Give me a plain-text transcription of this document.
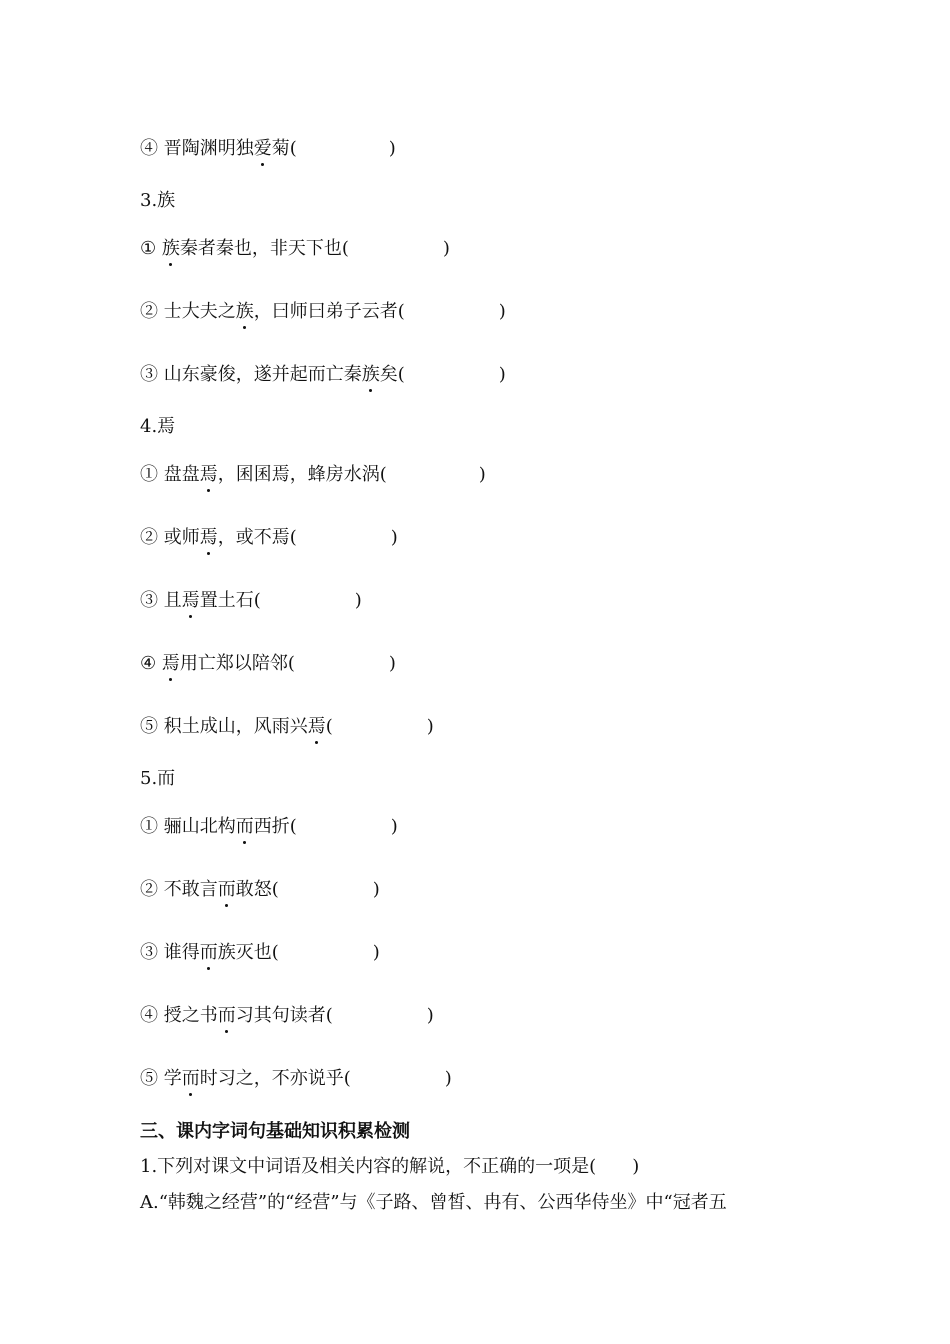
④ 晋陶渊明独爱菊(	)
3.族
① 族秦者秦也，非天下也(	)
② 士大夫之族，曰师曰弟子云者(	)
③ 山东豪俊，遂并起而亡秦族矣(	)
4.焉
① 盘盘焉，囷囷焉，蜂房水涡(	)
② 或师焉，或不焉(	)
③ 且焉置土石(	)
④ 焉用亡郑以陪邻(	)
⑤ 积土成山，风雨兴焉(	)
5.而
① 骊山北构而西折(	)
② 不敢言而敢怒(	)
③ 谁得而族灭也(	)
④ 授之书而习其句读者(	)
⑤ 学而时习之，不亦说乎(	)
三、课内字词句基础知识积累检测
1.下列对课文中词语及相关内容的解说，不正确的一项是(　　)
A.“韩魏之经营”的“经营”与《子路、曾皙、冉有、公西华侍坐》中“冠者五
